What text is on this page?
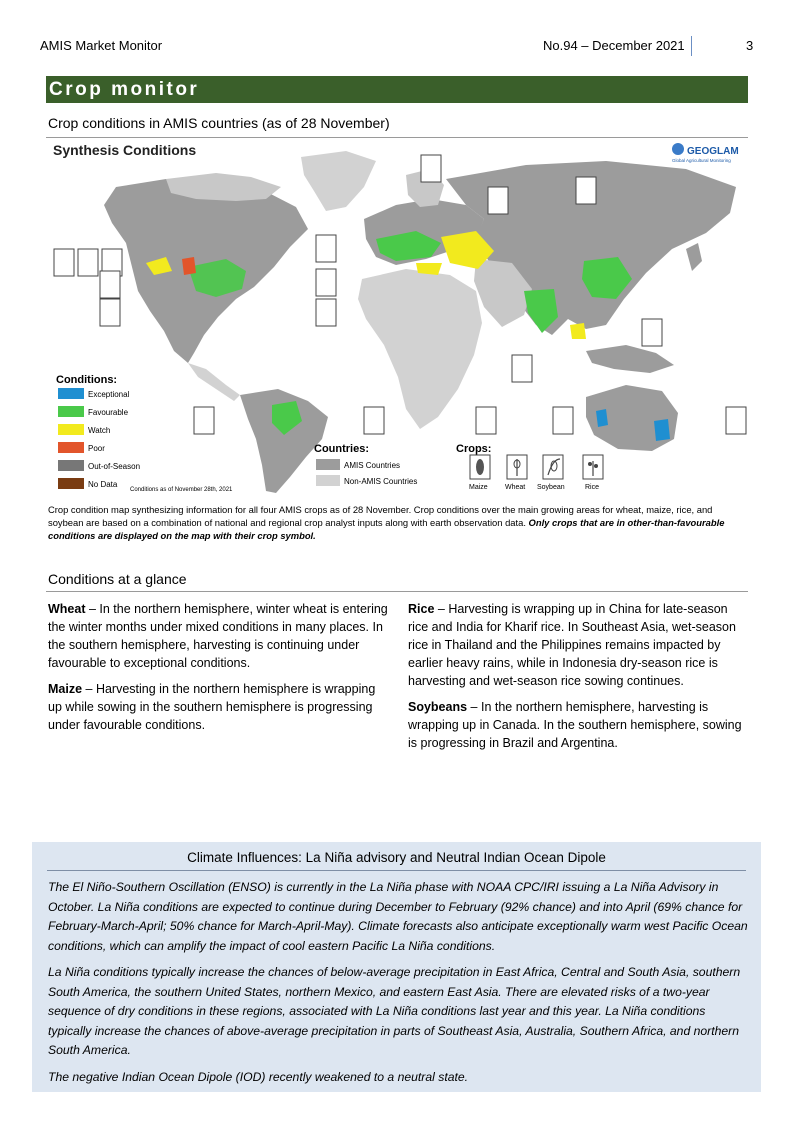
AMIS Market Monitor	No.94 – December 2021	3
Crop monitor
Crop conditions in AMIS countries (as of 28 November)
Synthesis Conditions	GEOGLAM
Global Agricultural Monitoring
Conditions:
Exceptional
Favourable
Watch
Poor
Out-of-Season
No Data
Conditions as of November 28th, 2021
Countries:
AMIS Countries
Non-AMIS Countries
Crops:
Maize Wheat Soybean	Rice
Crop condition map synthesizing information for all four AMIS crops as of 28 November. Crop conditions over the main growing areas for wheat, maize, rice, and soybean are based on a combination of national and regional crop analyst inputs along with earth observation data. Only crops that are in other-than-favourable conditions are displayed on the map with their crop symbol.
Conditions at a glance

Wheat – In the northern hemisphere, winter wheat is entering the winter months under mixed conditions in many places. In the southern hemisphere, harvesting is continuing under favourable to exceptional conditions.

Maize – Harvesting in the northern hemisphere is wrapping up while sowing in the southern hemisphere is progressing under favourable conditions.

Rice – Harvesting is wrapping up in China for late-season rice and India for Kharif rice. In Southeast Asia, wet-season rice in Thailand and the Philippines remains impacted by earlier heavy rains, while in Indonesia dry-season rice is harvesting and wet-season rice sowing continues.

Soybeans – In the northern hemisphere, harvesting is wrapping up in Canada. In the southern hemisphere, sowing is progressing in Brazil and Argentina.

Climate Influences: La Niña advisory and Neutral Indian Ocean Dipole

The El Niño-Southern Oscillation (ENSO) is currently in the La Niña phase with NOAA CPC/IRI issuing a La Niña Advisory in October. La Niña conditions are expected to continue during December to February (92% chance) and into April (69% chance for February-March-April; 50% chance for March-April-May). Climate forecasts also anticipate exceptionally warm west Pacific Ocean conditions, which can amplify the impact of cool eastern Pacific La Niña conditions.

La Niña conditions typically increase the chances of below-average precipitation in East Africa, Central and South Asia, southern South America, the southern United States, northern Mexico, and eastern East Asia. There are elevated risks of a two-year sequence of dry conditions in these regions, associated with La Niña conditions last year and this year. La Niña conditions typically increase the chances of above-average precipitation in parts of Southeast Asia, Australia, Southern Africa, and northern South America.

The negative Indian Ocean Dipole (IOD) recently weakened to a neutral state.
